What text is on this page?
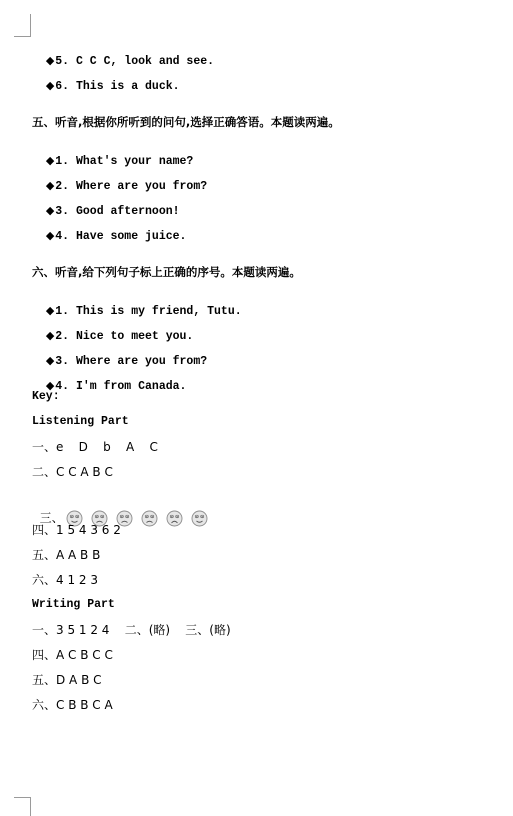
◆5. C C C, look and see.

◆6. This is a duck.

五、听音,根据你所听到的问句,选择正确答语。本题读两遍。

◆1. What's your name?

◆2. Where are you from?

◆3. Good afternoon!

◆4. Have some juice.

六、听音,给下列句子标上正确的序号。本题读两遍。

◆1. This is my friend, Tutu.

◆2. Nice to meet you.

◆3. Where are you from?

◆4. I'm from Canada.

Key:
Listening Part
一、e    D    b    A    C
二、C C A B C

三、

四、1 5 4 3 6 2
五、A A B B
六、4 1 2 3
Writing Part
一、3 5 1 2 4    二、(略)    三、(略)
四、A C B C C
五、D A B C
六、C B B C A
